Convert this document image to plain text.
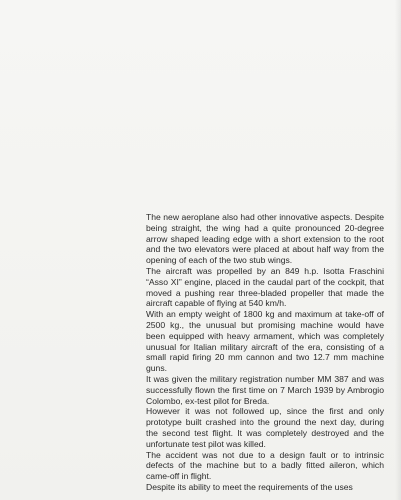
The new aeroplane also had other innovative aspects. Despite being straight, the wing had a quite pronounced 20-degree arrow shaped leading edge with a short extension to the root and the two elevators were placed at about half way from the opening of each of the two stub wings.

The aircraft was propelled by an 849 h.p. Isotta Fraschini “Asso XI” engine, placed in the caudal part of the cockpit, that moved a pushing rear three-bladed propeller that made the aircraft capable of flying at 540 km/h.

With an empty weight of 1800 kg and maximum at take-off of 2500 kg., the unusual but promising machine would have been equipped with heavy armament, which was completely unusual for Italian military aircraft of the era, consisting of a small rapid firing 20 mm cannon and two 12.7 mm machine guns.

It was given the military registration number MM 387 and was successfully flown the first time on 7 March 1939 by Ambrogio Colombo, ex-test pilot for Breda.

However it was not followed up, since the first and only prototype built crashed into the ground the next day, during the second test flight. It was completely destroyed and the unfortunate test pilot was killed.

The accident was not due to a design fault or to intrinsic defects of the machine but to a badly fitted aileron, which came-off in flight.

Despite its ability to meet the requirements of the uses
